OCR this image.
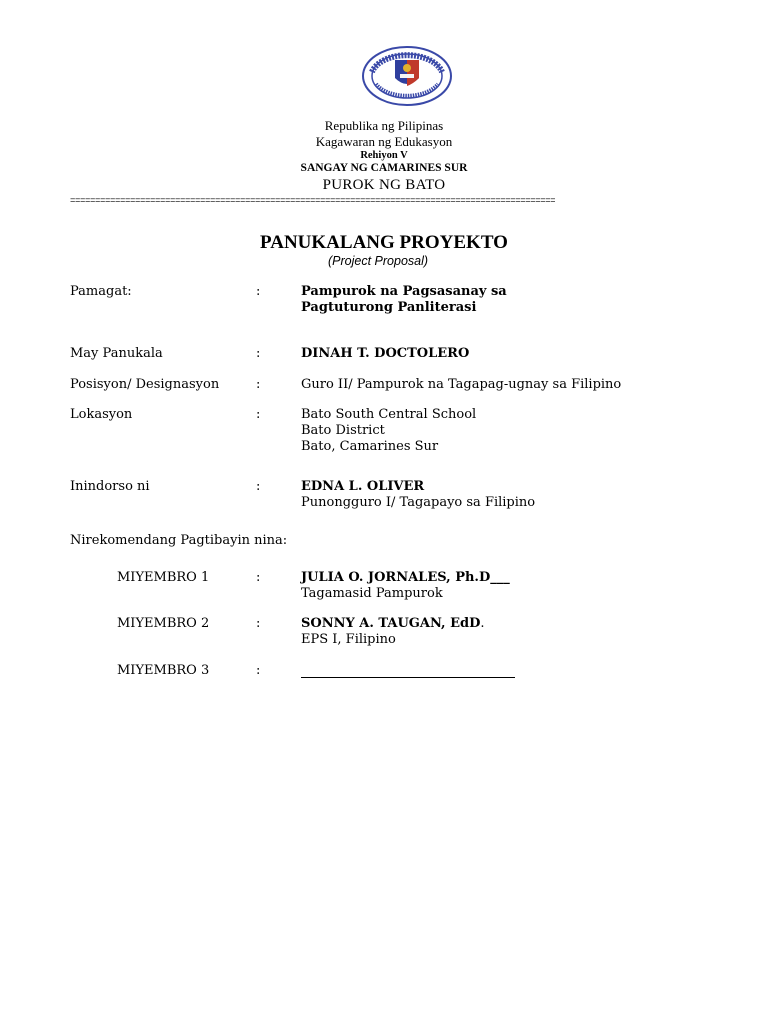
Republika ng Pilipinas
Kagawaran ng Edukasyon
Rehiyon V
SANGAY NG CAMARINES SUR
PUROK NG BATO
=================================================================================================
PANUKALANG PROYEKTO
(Project Proposal)
Pamagat:	:	Pampurok na Pagsasanay sa
Pagtuturong Panliterasi
May Panukala	:	DINAH T. DOCTOLERO
Posisyon/ Designasyon	:	Guro II/ Pampurok na Tagapag-ugnay sa Filipino
Lokasyon	:	Bato South Central School
Bato District
Bato, Camarines Sur
Inindorso ni	:	EDNA L. OLIVER
Punongguro I/ Tagapayo sa Filipino
Nirekomendang Pagtibayin nina:
MIYEMBRO 1	:	JULIA O. JORNALES, Ph.D___
Tagamasid Pampurok
MIYEMBRO 2	:	SONNY A. TAUGAN, EdD.
EPS I, Filipino
MIYEMBRO 3	:
